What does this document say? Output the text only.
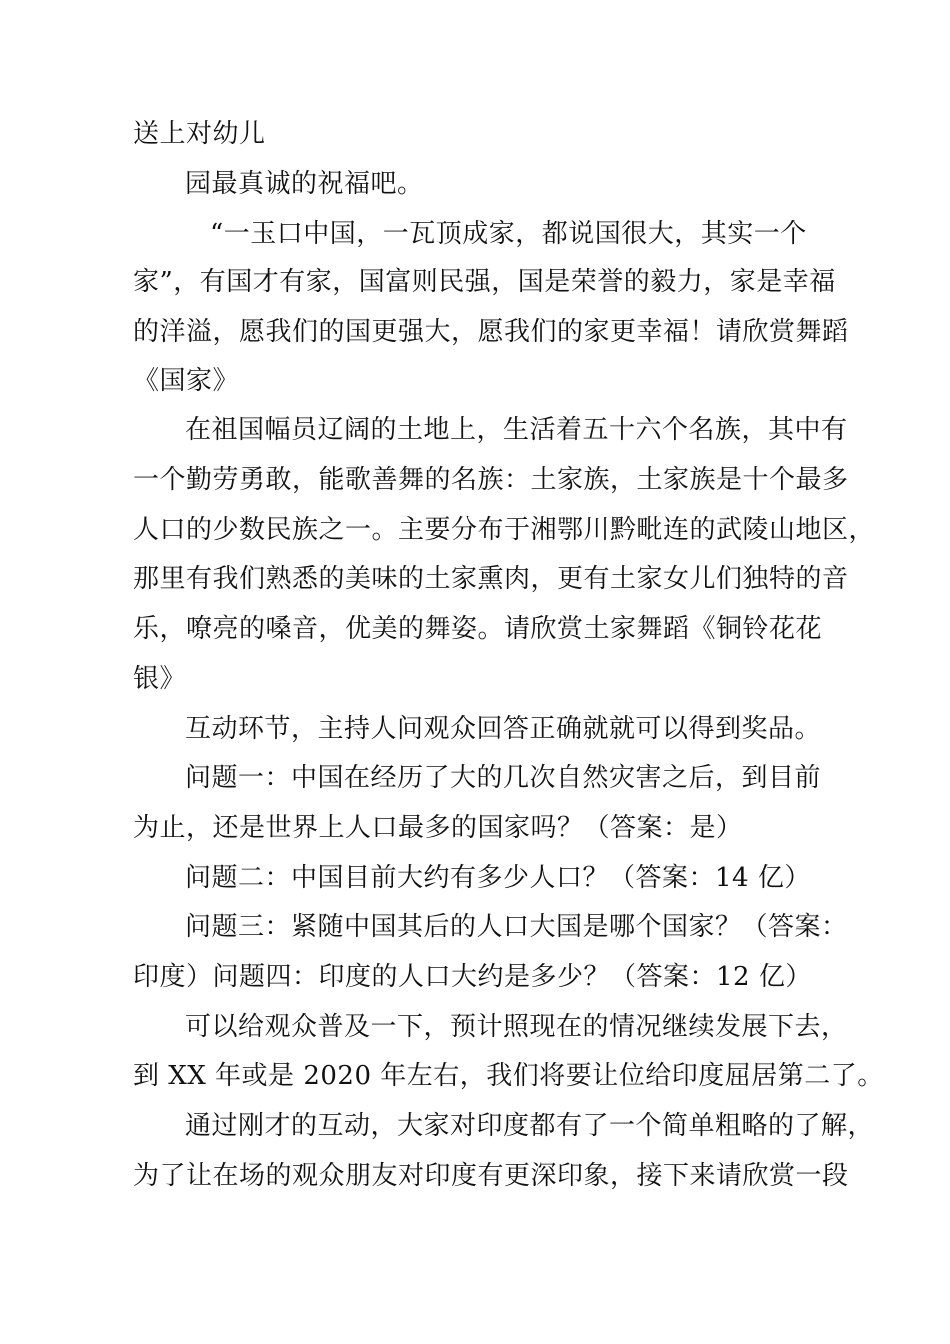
送上对幼儿
园最真诚的祝福吧。
“一玉口中国，一瓦顶成家，都说国很大，其实一个
家”，有国才有家，国富则民强，国是荣誉的毅力，家是幸福
的洋溢，愿我们的国更强大，愿我们的家更幸福！请欣赏舞蹈
《国家》
在祖国幅员辽阔的土地上，生活着五十六个名族，其中有
一个勤劳勇敢，能歌善舞的名族：土家族，土家族是十个最多
人口的少数民族之一。主要分布于湘鄂川黔毗连的武陵山地区，
那里有我们熟悉的美味的土家熏肉，更有土家女儿们独特的音
乐，嘹亮的嗓音，优美的舞姿。请欣赏土家舞蹈《铜铃花花
银》
互动环节，主持人问观众回答正确就就可以得到奖品。
问题一：中国在经历了大的几次自然灾害之后，到目前
为止，还是世界上人口最多的国家吗？（答案：是）
问题二：中国目前大约有多少人口？（答案：14 亿）
问题三：紧随中国其后的人口大国是哪个国家？（答案：
印度）问题四：印度的人口大约是多少？（答案：12 亿）
可以给观众普及一下，预计照现在的情况继续发展下去，
到 XX 年或是 2020 年左右，我们将要让位给印度屈居第二了。
通过刚才的互动，大家对印度都有了一个简单粗略的了解，
为了让在场的观众朋友对印度有更深印象，接下来请欣赏一段
